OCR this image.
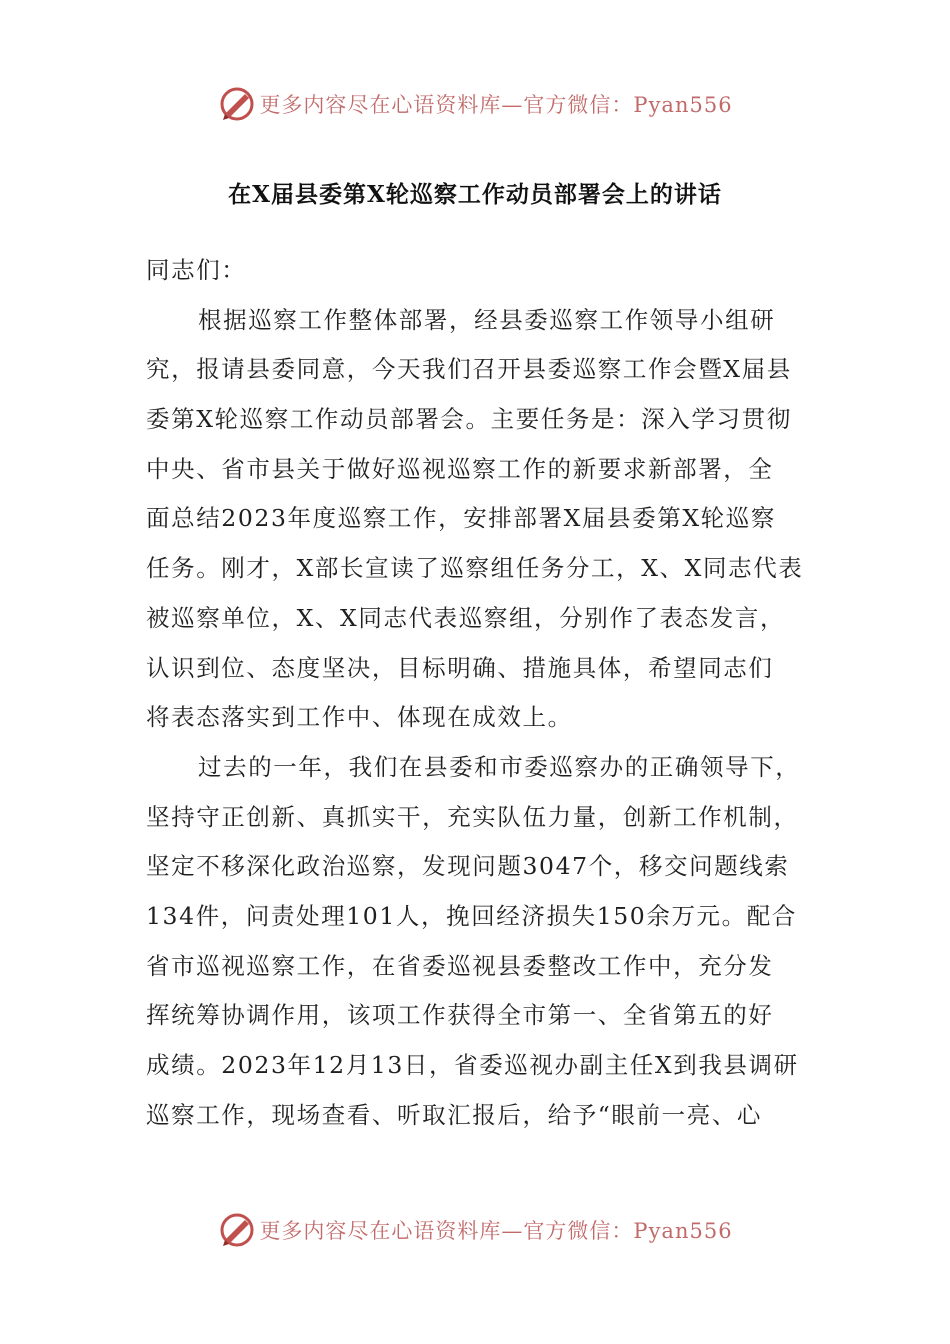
更多内容尽在心语资料库—官方微信：Pyan556
在X届县委第X轮巡察工作动员部署会上的讲话
同志们：
根据巡察工作整体部署，经县委巡察工作领导小组研
究，报请县委同意，今天我们召开县委巡察工作会暨X届县
委第X轮巡察工作动员部署会。主要任务是：深入学习贯彻
中央、省市县关于做好巡视巡察工作的新要求新部署，全
面总结2023年度巡察工作，安排部署X届县委第X轮巡察
任务。刚才，X部长宣读了巡察组任务分工，X、X同志代表
被巡察单位，X、X同志代表巡察组，分别作了表态发言，
认识到位、态度坚决，目标明确、措施具体，希望同志们
将表态落实到工作中、体现在成效上。
过去的一年，我们在县委和市委巡察办的正确领导下，
坚持守正创新、真抓实干，充实队伍力量，创新工作机制，
坚定不移深化政治巡察，发现问题3047个，移交问题线索
134件，问责处理101人，挽回经济损失150余万元。配合
省市巡视巡察工作，在省委巡视县委整改工作中，充分发
挥统筹协调作用，该项工作获得全市第一、全省第五的好
成绩。2023年12月13日，省委巡视办副主任X到我县调研
巡察工作，现场查看、听取汇报后，给予“眼前一亮、心
更多内容尽在心语资料库—官方微信：Pyan556
